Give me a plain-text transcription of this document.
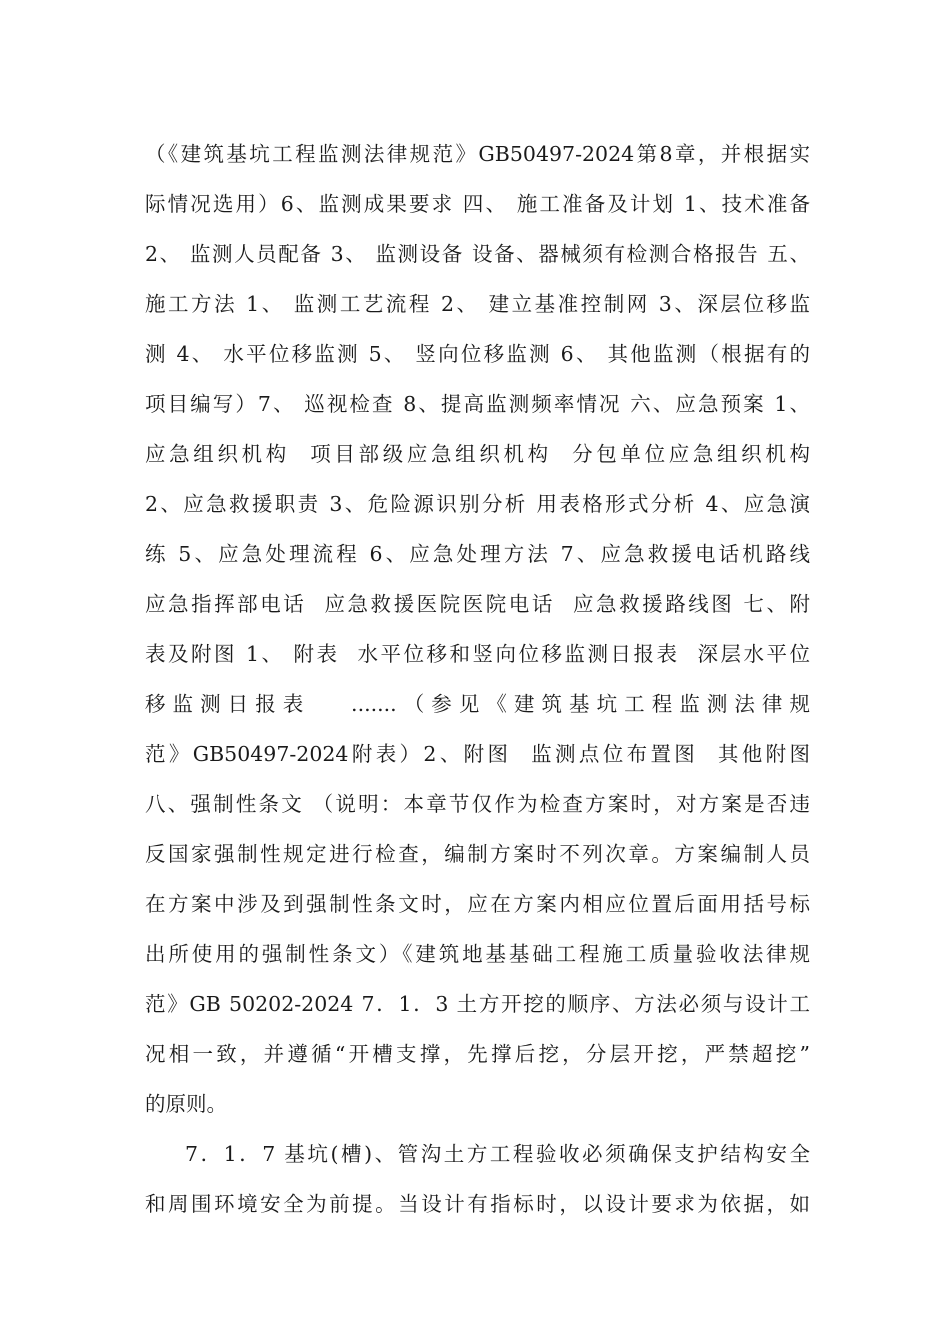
（《建筑基坑工程监测法律规范》GB50497-2024第8章，并根据实
际情况选用）6、监测成果要求 四、 施工准备及计划 1、技术准备
2、 监测人员配备 3、 监测设备 设备、器械须有检测合格报告 五、
施工方法 1、 监测工艺流程 2、 建立基准控制网 3、深层位移监
测 4、 水平位移监测 5、 竖向位移监测 6、 其他监测（根据有的
项目编写）7、 巡视检查 8、提高监测频率情况 六、应急预案 1、
应急组织机构  项目部级应急组织机构  分包单位应急组织机构
2、应急救援职责 3、危险源识别分析 用表格形式分析 4、应急演
练 5、应急处理流程 6、应急处理方法 7、应急救援电话机路线
应急指挥部电话  应急救援医院医院电话  应急救援路线图 七、附
表及附图 1、 附表  水平位移和竖向位移监测日报表  深层水平位
移监测日报表   .......（参见《建筑基坑工程监测法律规
范》GB50497-2024附表）2、附图  监测点位布置图  其他附图
八、强制性条文 （说明：本章节仅作为检查方案时，对方案是否违
反国家强制性规定进行检查，编制方案时不列次章。方案编制人员
在方案中涉及到强制性条文时，应在方案内相应位置后面用括号标
出所使用的强制性条文）《建筑地基基础工程施工质量验收法律规
范》GB 50202-2024 7．1．3 土方开挖的顺序、方法必须与设计工
况相一致，并遵循“开槽支撑，先撑后挖，分层开挖，严禁超挖”
的原则。
7．1．7 基坑(槽)、管沟土方工程验收必须确保支护结构安全
和周围环境安全为前提。当设计有指标时，以设计要求为依据，如
